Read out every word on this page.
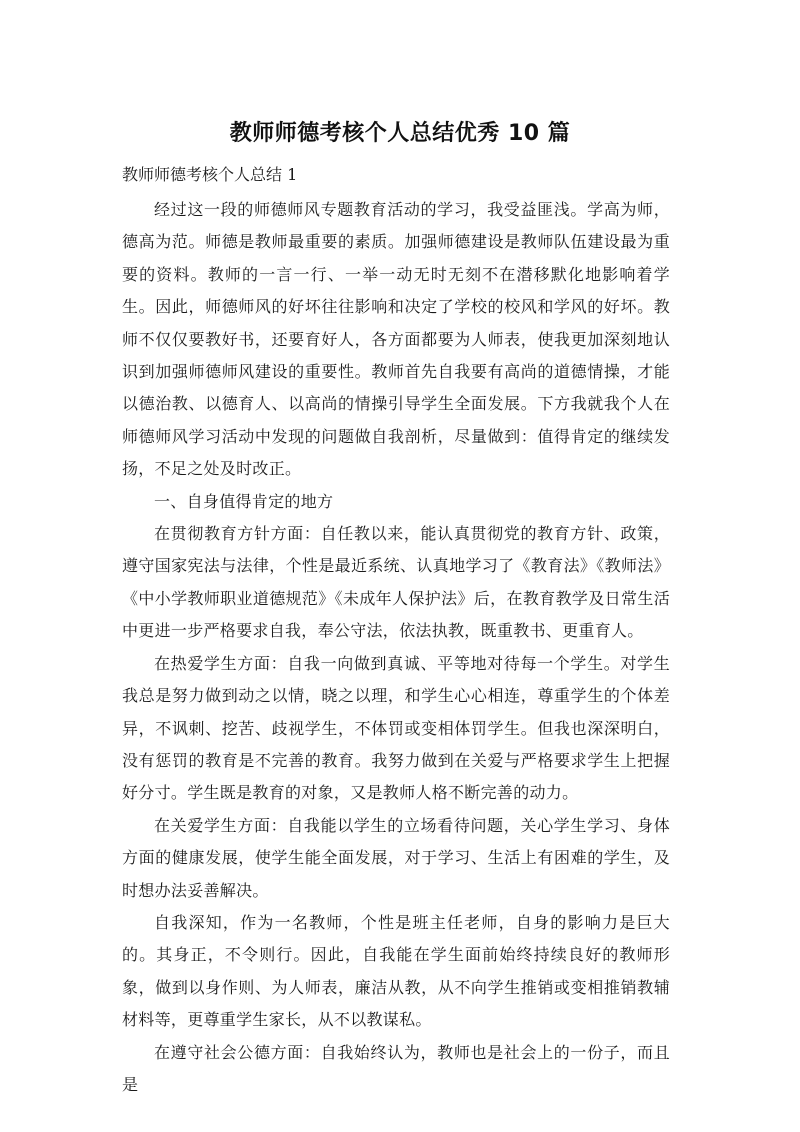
教师师德考核个人总结优秀 10 篇
教师师德考核个人总结 1

经过这一段的师德师风专题教育活动的学习，我受益匪浅。学高为师，德高为范。师德是教师最重要的素质。加强师德建设是教师队伍建设最为重要的资料。教师的一言一行、一举一动无时无刻不在潜移默化地影响着学生。因此，师德师风的好坏往往影响和决定了学校的校风和学风的好坏。教师不仅仅要教好书，还要育好人，各方面都要为人师表，使我更加深刻地认识到加强师德师风建设的重要性。教师首先自我要有高尚的道德情操，才能以德治教、以德育人、以高尚的情操引导学生全面发展。下方我就我个人在师德师风学习活动中发现的问题做自我剖析，尽量做到：值得肯定的继续发扬，不足之处及时改正。

一、自身值得肯定的地方

在贯彻教育方针方面：自任教以来，能认真贯彻党的教育方针、政策，遵守国家宪法与法律，个性是最近系统、认真地学习了《教育法》《教师法》《中小学教师职业道德规范》《未成年人保护法》后，在教育教学及日常生活中更进一步严格要求自我，奉公守法，依法执教，既重教书、更重育人。

在热爱学生方面：自我一向做到真诚、平等地对待每一个学生。对学生我总是努力做到动之以情，晓之以理，和学生心心相连，尊重学生的个体差异，不讽刺、挖苦、歧视学生，不体罚或变相体罚学生。但我也深深明白，没有惩罚的教育是不完善的教育。我努力做到在关爱与严格要求学生上把握好分寸。学生既是教育的对象，又是教师人格不断完善的动力。

在关爱学生方面：自我能以学生的立场看待问题，关心学生学习、身体方面的健康发展，使学生能全面发展，对于学习、生活上有困难的学生，及时想办法妥善解决。

自我深知，作为一名教师，个性是班主任老师，自身的影响力是巨大的。其身正，不令则行。因此，自我能在学生面前始终持续良好的教师形象，做到以身作则、为人师表，廉洁从教，从不向学生推销或变相推销教辅材料等，更尊重学生家长，从不以教谋私。

在遵守社会公德方面：自我始终认为，教师也是社会上的一份子，而且是
